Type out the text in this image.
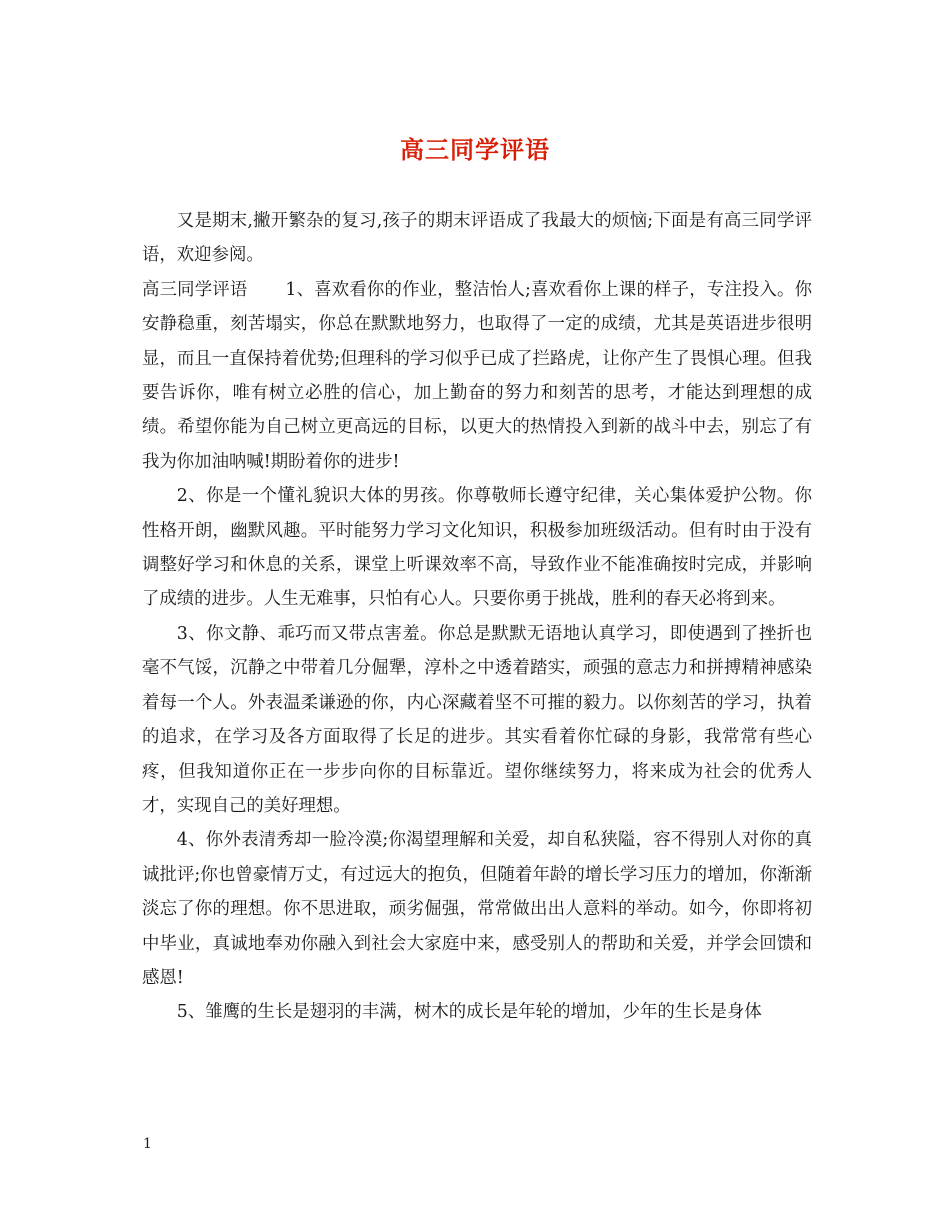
高三同学评语

又是期末,撇开繁杂的复习,孩子的期末评语成了我最大的烦恼;下面是有高三同学评语，欢迎参阅。

高三同学评语 1、喜欢看你的作业，整洁怡人;喜欢看你上课的样子，专注投入。你安静稳重，刻苦塌实，你总在默默地努力，也取得了一定的成绩，尤其是英语进步很明显，而且一直保持着优势;但理科的学习似乎已成了拦路虎，让你产生了畏惧心理。但我要告诉你，唯有树立必胜的信心，加上勤奋的努力和刻苦的思考，才能达到理想的成绩。希望你能为自己树立更高远的目标，以更大的热情投入到新的战斗中去，别忘了有我为你加油呐喊!期盼着你的进步!

2、你是一个懂礼貌识大体的男孩。你尊敬师长遵守纪律，关心集体爱护公物。你性格开朗，幽默风趣。平时能努力学习文化知识，积极参加班级活动。但有时由于没有调整好学习和休息的关系，课堂上听课效率不高，导致作业不能准确按时完成，并影响了成绩的进步。人生无难事，只怕有心人。只要你勇于挑战，胜利的春天必将到来。

3、你文静、乖巧而又带点害羞。你总是默默无语地认真学习，即使遇到了挫折也毫不气馁，沉静之中带着几分倔犟，淳朴之中透着踏实，顽强的意志力和拼搏精神感染着每一个人。外表温柔谦逊的你，内心深藏着坚不可摧的毅力。以你刻苦的学习，执着的追求，在学习及各方面取得了长足的进步。其实看着你忙碌的身影，我常常有些心疼，但我知道你正在一步步向你的目标靠近。望你继续努力，将来成为社会的优秀人才，实现自己的美好理想。

4、你外表清秀却一脸冷漠;你渴望理解和关爱，却自私狭隘，容不得别人对你的真诚批评;你也曾豪情万丈，有过远大的抱负，但随着年龄的增长学习压力的增加，你渐渐淡忘了你的理想。你不思进取，顽劣倔强，常常做出出人意料的举动。如今，你即将初中毕业，真诚地奉劝你融入到社会大家庭中来，感受别人的帮助和关爱，并学会回馈和感恩!

5、雏鹰的生长是翅羽的丰满，树木的成长是年轮的增加，少年的生长是身体

1
